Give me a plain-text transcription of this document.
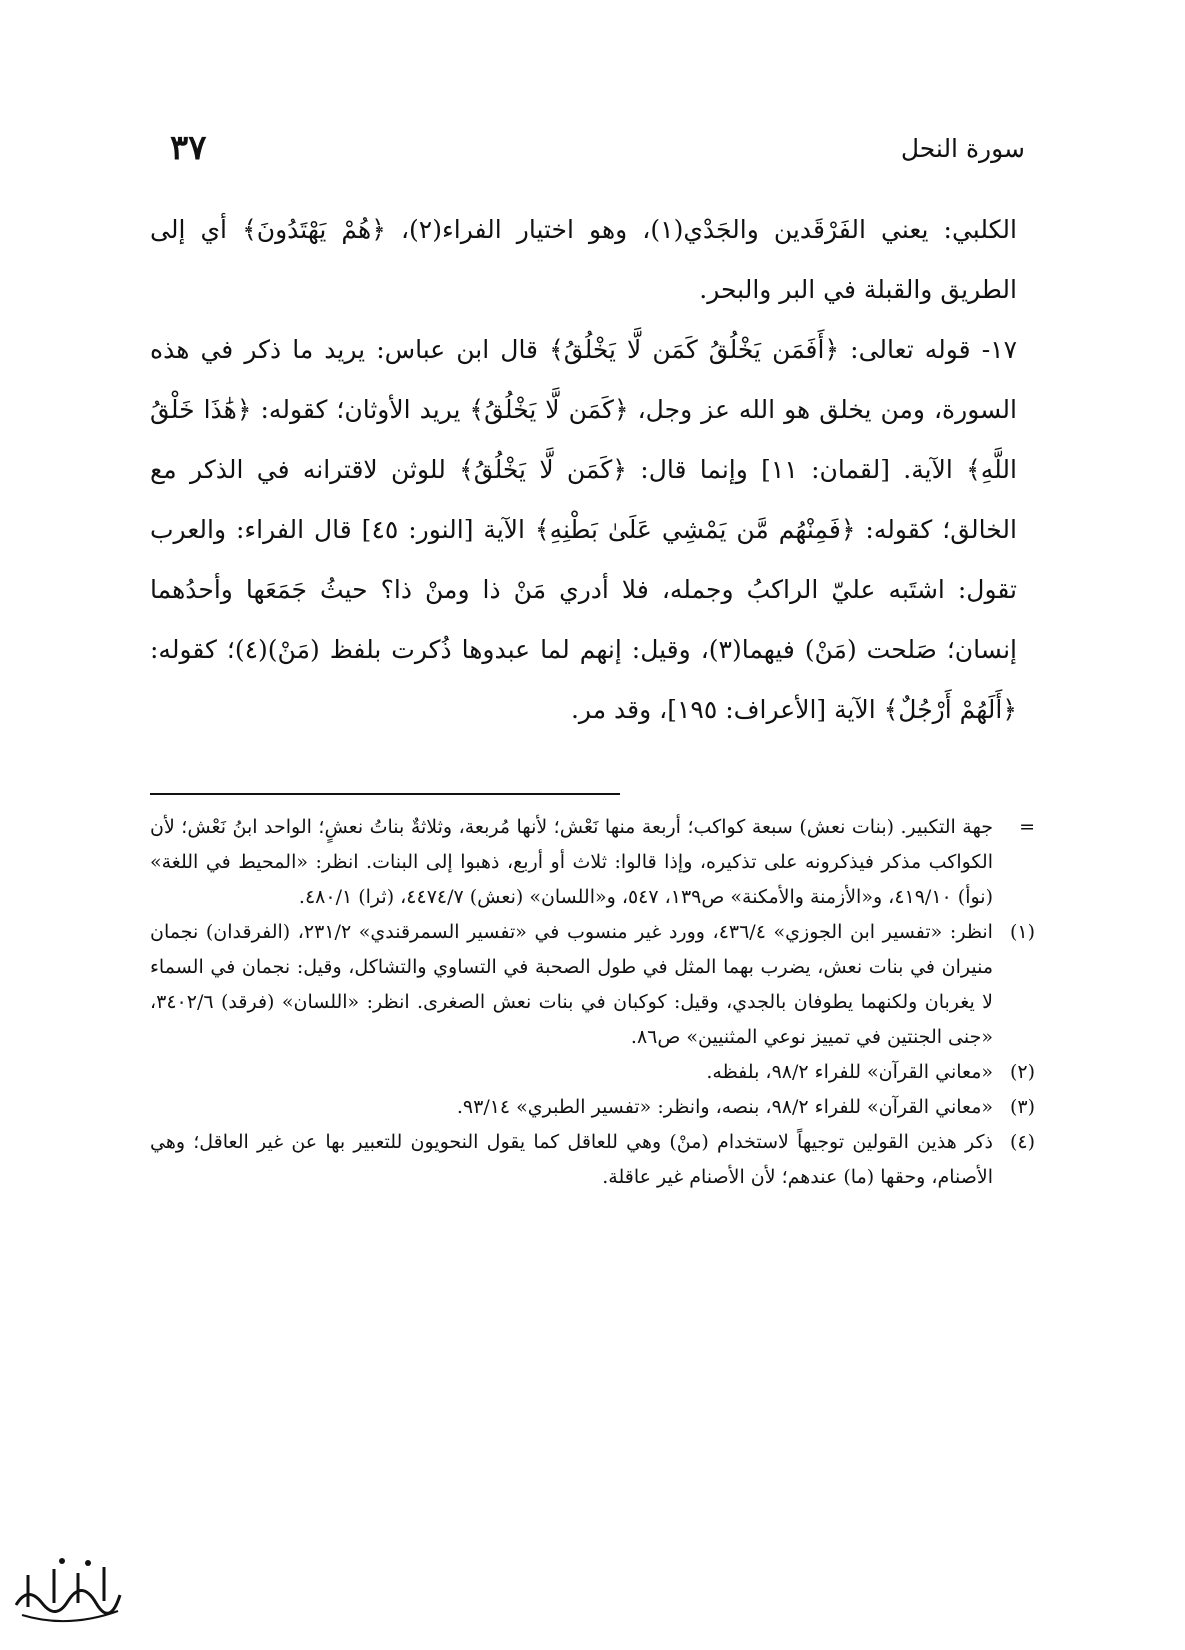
سورة النحل
٣٧

الكلبي: يعني الفَرْقَدين والجَدْي(١)، وهو اختيار الفراء(٢)، ﴿هُمْ يَهْتَدُونَ﴾ أي إلى الطريق والقبلة في البر والبحر.

١٧- قوله تعالى: ﴿أَفَمَن يَخْلُقُ كَمَن لَّا يَخْلُقُ﴾ قال ابن عباس: يريد ما ذكر في هذه السورة، ومن يخلق هو الله عز وجل، ﴿كَمَن لَّا يَخْلُقُ﴾ يريد الأوثان؛ كقوله: ﴿هَٰذَا خَلْقُ اللَّهِ﴾ الآية. [لقمان: ١١] وإنما قال: ﴿كَمَن لَّا يَخْلُقُ﴾ للوثن لاقترانه في الذكر مع الخالق؛ كقوله: ﴿فَمِنْهُم مَّن يَمْشِي عَلَىٰ بَطْنِهِ﴾ الآية [النور: ٤٥] قال الفراء: والعرب تقول: اشتَبه عليّ الراكبُ وجمله، فلا أدري مَنْ ذا ومنْ ذا؟ حيثُ جَمَعَها وأحدُهما إنسان؛ صَلحت (مَنْ) فيهما(٣)، وقيل: إنهم لما عبدوها ذُكرت بلفظ (مَنْ)(٤)؛ كقوله: ﴿أَلَهُمْ أَرْجُلٌ﴾ الآية [الأعراف: ١٩٥]، وقد مر.

=
جهة التكبير. (بنات نعش) سبعة كواكب؛ أربعة منها نَعْش؛ لأنها مُربعة، وثلاثةٌ بناتُ نعشٍ؛ الواحد ابنُ نَعْش؛ لأن الكواكب مذكر فيذكرونه على تذكيره، وإذا قالوا: ثلاث أو أربع، ذهبوا إلى البنات. انظر: «المحيط في اللغة» (نوأ) ٤١٩/١٠، و«الأزمنة والأمكنة» ص١٣٩، ٥٤٧، و«اللسان» (نعش) ٤٤٧٤/٧، (ثرا) ٤٨٠/١.
(١)
انظر: «تفسير ابن الجوزي» ٤٣٦/٤، وورد غير منسوب في «تفسير السمرقندي» ٢٣١/٢، (الفرقدان) نجمان منيران في بنات نعش، يضرب بهما المثل في طول الصحبة في التساوي والتشاكل، وقيل: نجمان في السماء لا يغربان ولكنهما يطوفان بالجدي، وقيل: كوكبان في بنات نعش الصغرى. انظر: «اللسان» (فرقد) ٣٤٠٢/٦، «جنى الجنتين في تمييز نوعي المثنيين» ص٨٦.
(٢)
«معاني القرآن» للفراء ٩٨/٢، بلفظه.
(٣)
«معاني القرآن» للفراء ٩٨/٢، بنصه، وانظر: «تفسير الطبري» ٩٣/١٤.
(٤)
ذكر هذين القولين توجيهاً لاستخدام (منْ) وهي للعاقل كما يقول النحويون للتعبير بها عن غير العاقل؛ وهي الأصنام، وحقها (ما) عندهم؛ لأن الأصنام غير عاقلة.
